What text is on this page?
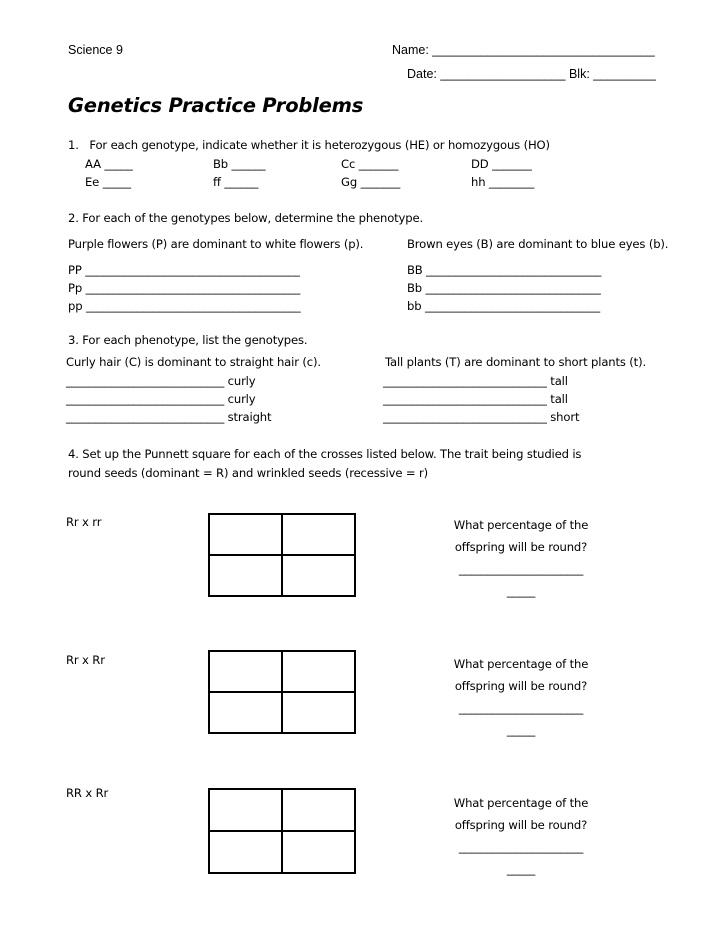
Science 9	Name: ________________________________
Date: __________________ Blk: _________
Genetics Practice Problems
1.   For each genotype, indicate whether it is heterozygous (HE) or homozygous (HO)
AA _____	Bb ______	Cc _______	DD _______
Ee _____	ff ______	Gg _______	hh ________
2. For each of the genotypes below, determine the phenotype.
Purple flowers (P) are dominant to white flowers (p).	Brown eyes (B) are dominant to blue eyes (b).
PP ______________________________________
Pp ______________________________________
pp ______________________________________
BB _______________________________
Bb _______________________________
bb _______________________________
3. For each phenotype, list the genotypes.
Curly hair (C) is dominant to straight hair (c).	Tall plants (T) are dominant to short plants (t).
____________________________ curly
____________________________ curly
____________________________ straight
_____________________________ tall
_____________________________ tall
_____________________________ short
4. Set up the Punnett square for each of the crosses listed below. The trait being studied is
round seeds (dominant = R) and wrinkled seeds (recessive = r)
Rr x rr	What percentage of the
offspring will be round?
______________________
_____
Rr x Rr	What percentage of the
offspring will be round?
______________________
_____
RR x Rr
What percentage of the
offspring will be round?
______________________
_____
